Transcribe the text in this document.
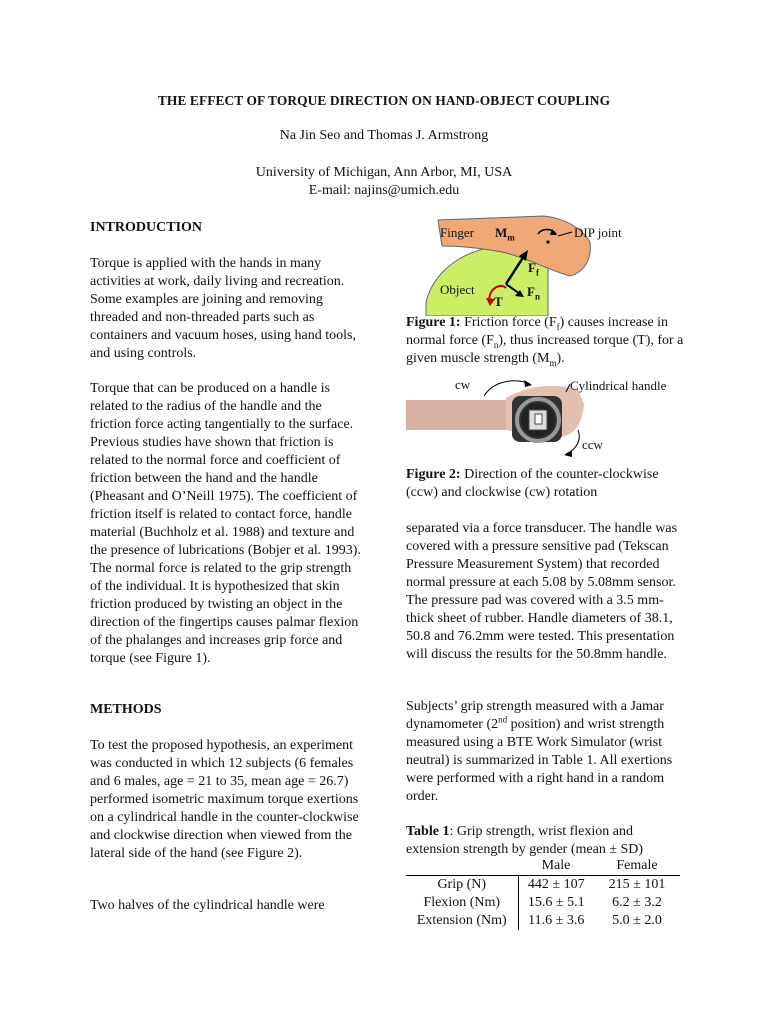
THE EFFECT OF TORQUE DIRECTION ON HAND-OBJECT COUPLING
Na Jin Seo and Thomas J. Armstrong
University of Michigan, Ann Arbor, MI, USA
E-mail: najins@umich.edu
INTRODUCTION

Torque is applied with the hands in many activities at work, daily living and recreation. Some examples are joining and removing threaded and non-threaded parts such as containers and vacuum hoses, using hand tools, and using controls.

Torque that can be produced on a handle is related to the radius of the handle and the friction force acting tangentially to the surface. Previous studies have shown that friction is related to the normal force and coefficient of friction between the hand and the handle (Pheasant and O’Neill 1975). The coefficient of friction itself is related to contact force, handle material (Buchholz et al. 1988) and texture and the presence of lubrications (Bobjer et al. 1993). The normal force is related to the grip strength of the individual. It is hypothesized that skin friction produced by twisting an object in the direction of the fingertips causes palmar flexion of the phalanges and increases grip force and torque (see Figure 1).

METHODS

To test the proposed hypothesis, an experiment was conducted in which 12 subjects (6 females and 6 males, age = 21 to 35, mean age = 26.7) performed isometric maximum torque exertions on a cylindrical handle in the counter-clockwise and clockwise direction when viewed from the lateral side of the hand (see Figure 2).

Two halves of the cylindrical handle were

Finger $M_m$	DIP joint
$F_f$
Object
T
$F_n$
Figure 1: Friction force $(F_f)$ causes increase in normal force $(F_n)$, thus increased torque (T), for a given muscle strength $(M_m)$.
cw	Cylindrical handle
ccw
Figure 2: Direction of the counter-clockwise (ccw) and clockwise (cw) rotation

separated via a force transducer. The handle was covered with a pressure sensitive pad (Tekscan Pressure Measurement System) that recorded normal pressure at each 5.08 by 5.08mm sensor. The pressure pad was covered with a 3.5 mm-thick sheet of rubber. Handle diameters of 38.1, 50.8 and 76.2mm were tested. This presentation will discuss the results for the 50.8mm handle.

Subjects’ grip strength measured with a Jamar dynamometer (2nd position) and wrist strength measured using a BTE Work Simulator (wrist neutral) is summarized in Table 1. All exertions were performed with a right hand in a random order.

Table 1: Grip strength, wrist flexion and extension strength by gender (mean ± SD)
	Male	Female
Grip (N)	442 ± 107	215 ± 101
Flexion (Nm)	15.6 ± 5.1	6.2 ± 3.2
Extension (Nm)	11.6 ± 3.6	5.0 ± 2.0
